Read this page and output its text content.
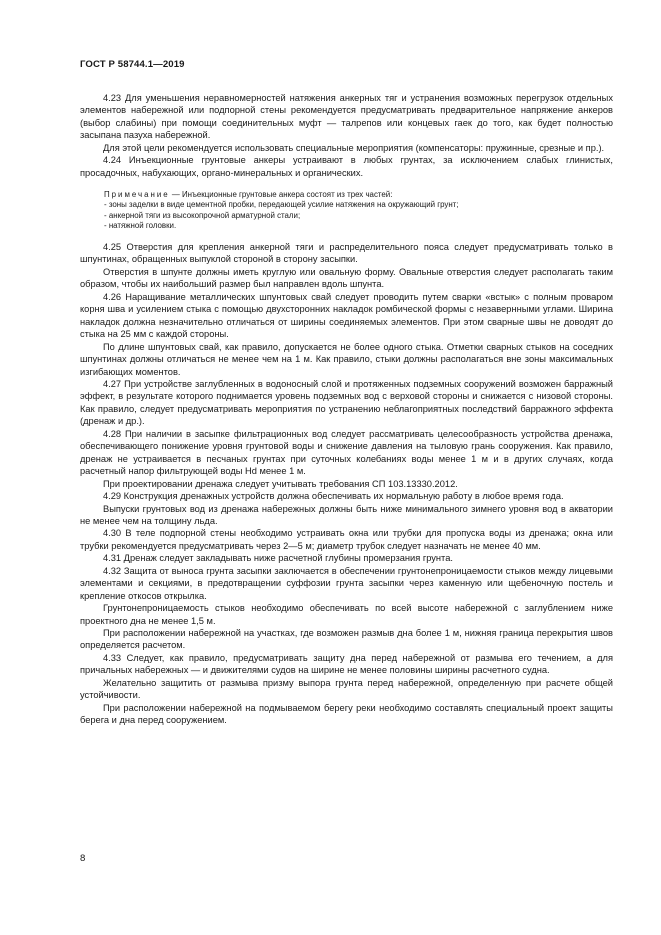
ГОСТ Р 58744.1—2019

4.23 Для уменьшения неравномерностей натяжения анкерных тяг и устранения возможных перегрузок отдельных элементов набережной или подпорной стены рекомендуется предусматривать предварительное напряжение анкеров (выбор слабины) при помощи соединительных муфт — талрепов или концевых гаек до того, как будет полностью засыпана пазуха набережной.

Для этой цели рекомендуется использовать специальные мероприятия (компенсаторы: пружинные, срезные и пр.).

4.24 Инъекционные грунтовые анкеры устраивают в любых грунтах, за исключением слабых глинистых, просадочных, набухающих, органо-минеральных и органических.

Примечание — Инъекционные грунтовые анкера состоят из трех частей:

- зоны заделки в виде цементной пробки, передающей усилие натяжения на окружающий грунт;

- анкерной тяги из высокопрочной арматурной стали;

- натяжной головки.

4.25 Отверстия для крепления анкерной тяги и распределительного пояса следует предусматривать только в шпунтинах, обращенных выпуклой стороной в сторону засыпки.

Отверстия в шпунте должны иметь круглую или овальную форму. Овальные отверстия следует располагать таким образом, чтобы их наибольший размер был направлен вдоль шпунта.

4.26 Наращивание металлических шпунтовых свай следует проводить путем сварки «встык» с полным проваром корня шва и усилением стыка с помощью двухсторонних накладок ромбической формы с незавернными углами. Ширина накладок должна незначительно отличаться от ширины соединяемых элементов. При этом сварные швы не доводят до стыка на 25 мм с каждой стороны.

По длине шпунтовых свай, как правило, допускается не более одного стыка. Отметки сварных стыков на соседних шпунтинах должны отличаться не менее чем на 1 м. Как правило, стыки должны располагаться вне зоны максимальных изгибающих моментов.

4.27 При устройстве заглубленных в водоносный слой и протяженных подземных сооружений возможен барражный эффект, в результате которого поднимается уровень подземных вод с верховой стороны и снижается с низовой стороны. Как правило, следует предусматривать мероприятия по устранению неблагоприятных последствий барражного эффекта (дренаж и др.).

4.28 При наличии в засыпке фильтрационных вод следует рассматривать целесообразность устройства дренажа, обеспечивающего понижение уровня грунтовой воды и снижение давления на тыловую грань сооружения. Как правило, дренаж не устраивается в песчаных грунтах при суточных колебаниях воды менее 1 м и в других случаях, когда расчетный напор фильтрующей воды Hd менее 1 м.

При проектировании дренажа следует учитывать требования СП 103.13330.2012.

4.29 Конструкция дренажных устройств должна обеспечивать их нормальную работу в любое время года.

Выпуски грунтовых вод из дренажа набережных должны быть ниже минимального зимнего уровня вод в акватории не менее чем на толщину льда.

4.30 В теле подпорной стены необходимо устраивать окна или трубки для пропуска воды из дренажа; окна или трубки рекомендуется предусматривать через 2—5 м; диаметр трубок следует назначать не менее 40 мм.

4.31 Дренаж следует закладывать ниже расчетной глубины промерзания грунта.

4.32 Защита от выноса грунта засыпки заключается в обеспечении грунтонепроницаемости стыков между лицевыми элементами и секциями, в предотвращении суффозии грунта засыпки через каменную или щебеночную постель и крепление откосов открылка.

Грунтонепроницаемость стыков необходимо обеспечивать по всей высоте набережной с заглублением ниже проектного дна не менее 1,5 м.

При расположении набережной на участках, где возможен размыв дна более 1 м, нижняя граница перекрытия швов определяется расчетом.

4.33 Следует, как правило, предусматривать защиту дна перед набережной от размыва его течением, а для причальных набережных — и движителями судов на ширине не менее половины ширины расчетного судна.

Желательно защитить от размыва призму выпора грунта перед набережной, определенную при расчете общей устойчивости.

При расположении набережной на подмываемом берегу реки необходимо составлять специальный проект защиты берега и дна перед сооружением.

8
